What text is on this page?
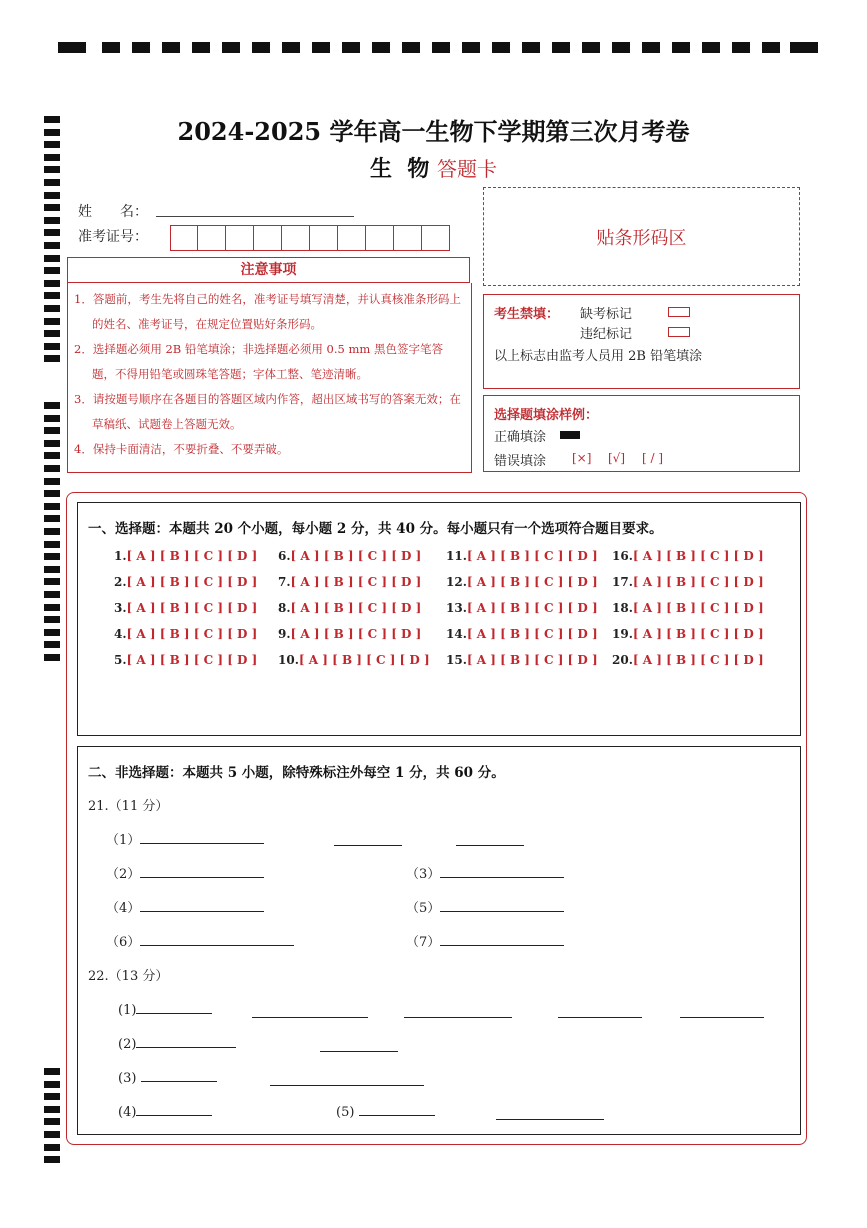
2024-2025 学年高一生物下学期第三次月考卷
生  物 答题卡
姓　　名：
准考证号：	贴条形码区
注意事项
1．答题前，考生先将自己的姓名，准考证号填写清楚，并认真核准条形码上的姓名、准考证号，在规定位置贴好条形码。
2．选择题必须用 2B 铅笔填涂；非选择题必须用 0.5 mm 黑色签字笔答题，不得用铅笔或圆珠笔答题；字体工整、笔迹清晰。
3．请按题号顺序在各题目的答题区域内作答，超出区域书写的答案无效；在草稿纸、试题卷上答题无效。
4．保持卡面清洁，不要折叠、不要弄破。
考生禁填： 缺考标记
违纪标记
以上标志由监考人员用 2B 铅笔填涂
选择题填涂样例：
正确填涂
错误填涂 [×] [√] [ / ]
一、选择题：本题共 20 个小题，每小题 2 分，共 40 分。每小题只有一个选项符合题目要求。
1.[ A ] [ B ] [ C ] [ D ]
2.[ A ] [ B ] [ C ] [ D ]
3.[ A ] [ B ] [ C ] [ D ]
4.[ A ] [ B ] [ C ] [ D ]
5.[ A ] [ B ] [ C ] [ D ]
6.[ A ] [ B ] [ C ] [ D ]
7.[ A ] [ B ] [ C ] [ D ]
8.[ A ] [ B ] [ C ] [ D ]
9.[ A ] [ B ] [ C ] [ D ]
10.[ A ] [ B ] [ C ] [ D ]
11.[ A ] [ B ] [ C ] [ D ]
12.[ A ] [ B ] [ C ] [ D ]
13.[ A ] [ B ] [ C ] [ D ]
14.[ A ] [ B ] [ C ] [ D ]
15.[ A ] [ B ] [ C ] [ D ]
16.[ A ] [ B ] [ C ] [ D ]
17.[ A ] [ B ] [ C ] [ D ]
18.[ A ] [ B ] [ C ] [ D ]
19.[ A ] [ B ] [ C ] [ D ]
20.[ A ] [ B ] [ C ] [ D ]
二、非选择题：本题共 5 小题，除特殊标注外每空 1 分，共 60 分。
21.（11 分）
（1）
（2）	（3）
（4）	（5）
（6）	（7）
22.（13 分）
(1)
(2)
(3)
(4)	(5)
